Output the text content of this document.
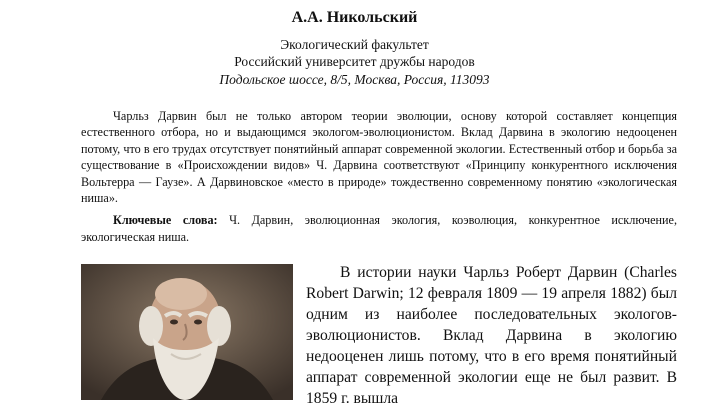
А.А. Никольский
Экологический факультет
Российский университет дружбы народов
Подольское шоссе, 8/5, Москва, Россия, 113093

Чарльз Дарвин был не только автором теории эволюции, основу которой составляет концепция естественного отбора, но и выдающимся экологом-эволюционистом. Вклад Дарвина в экологию недооценен потому, что в его трудах отсутствует понятийный аппарат современной экологии. Естественный отбор и борьба за существование в «Происхождении видов» Ч. Дарвина соответствуют «Принципу конкурентного исключения Вольтерра — Гаузе». А Дарвиновское «место в природе» тождественно современному понятию «экологическая ниша».

Ключевые слова: Ч. Дарвин, эволюционная экология, коэволюция, конкурентное исключение, экологическая ниша.

В истории науки Чарльз Роберт Дарвин (Charles Robert Darwin; 12 февраля 1809 — 19 апреля 1882) был одним из наиболее последовательных экологов-эволюционистов. Вклад Дарвина в экологию недооценен лишь потому, что в его время понятийный аппарат современной экологии еще не был развит. В 1859 г. вышла
